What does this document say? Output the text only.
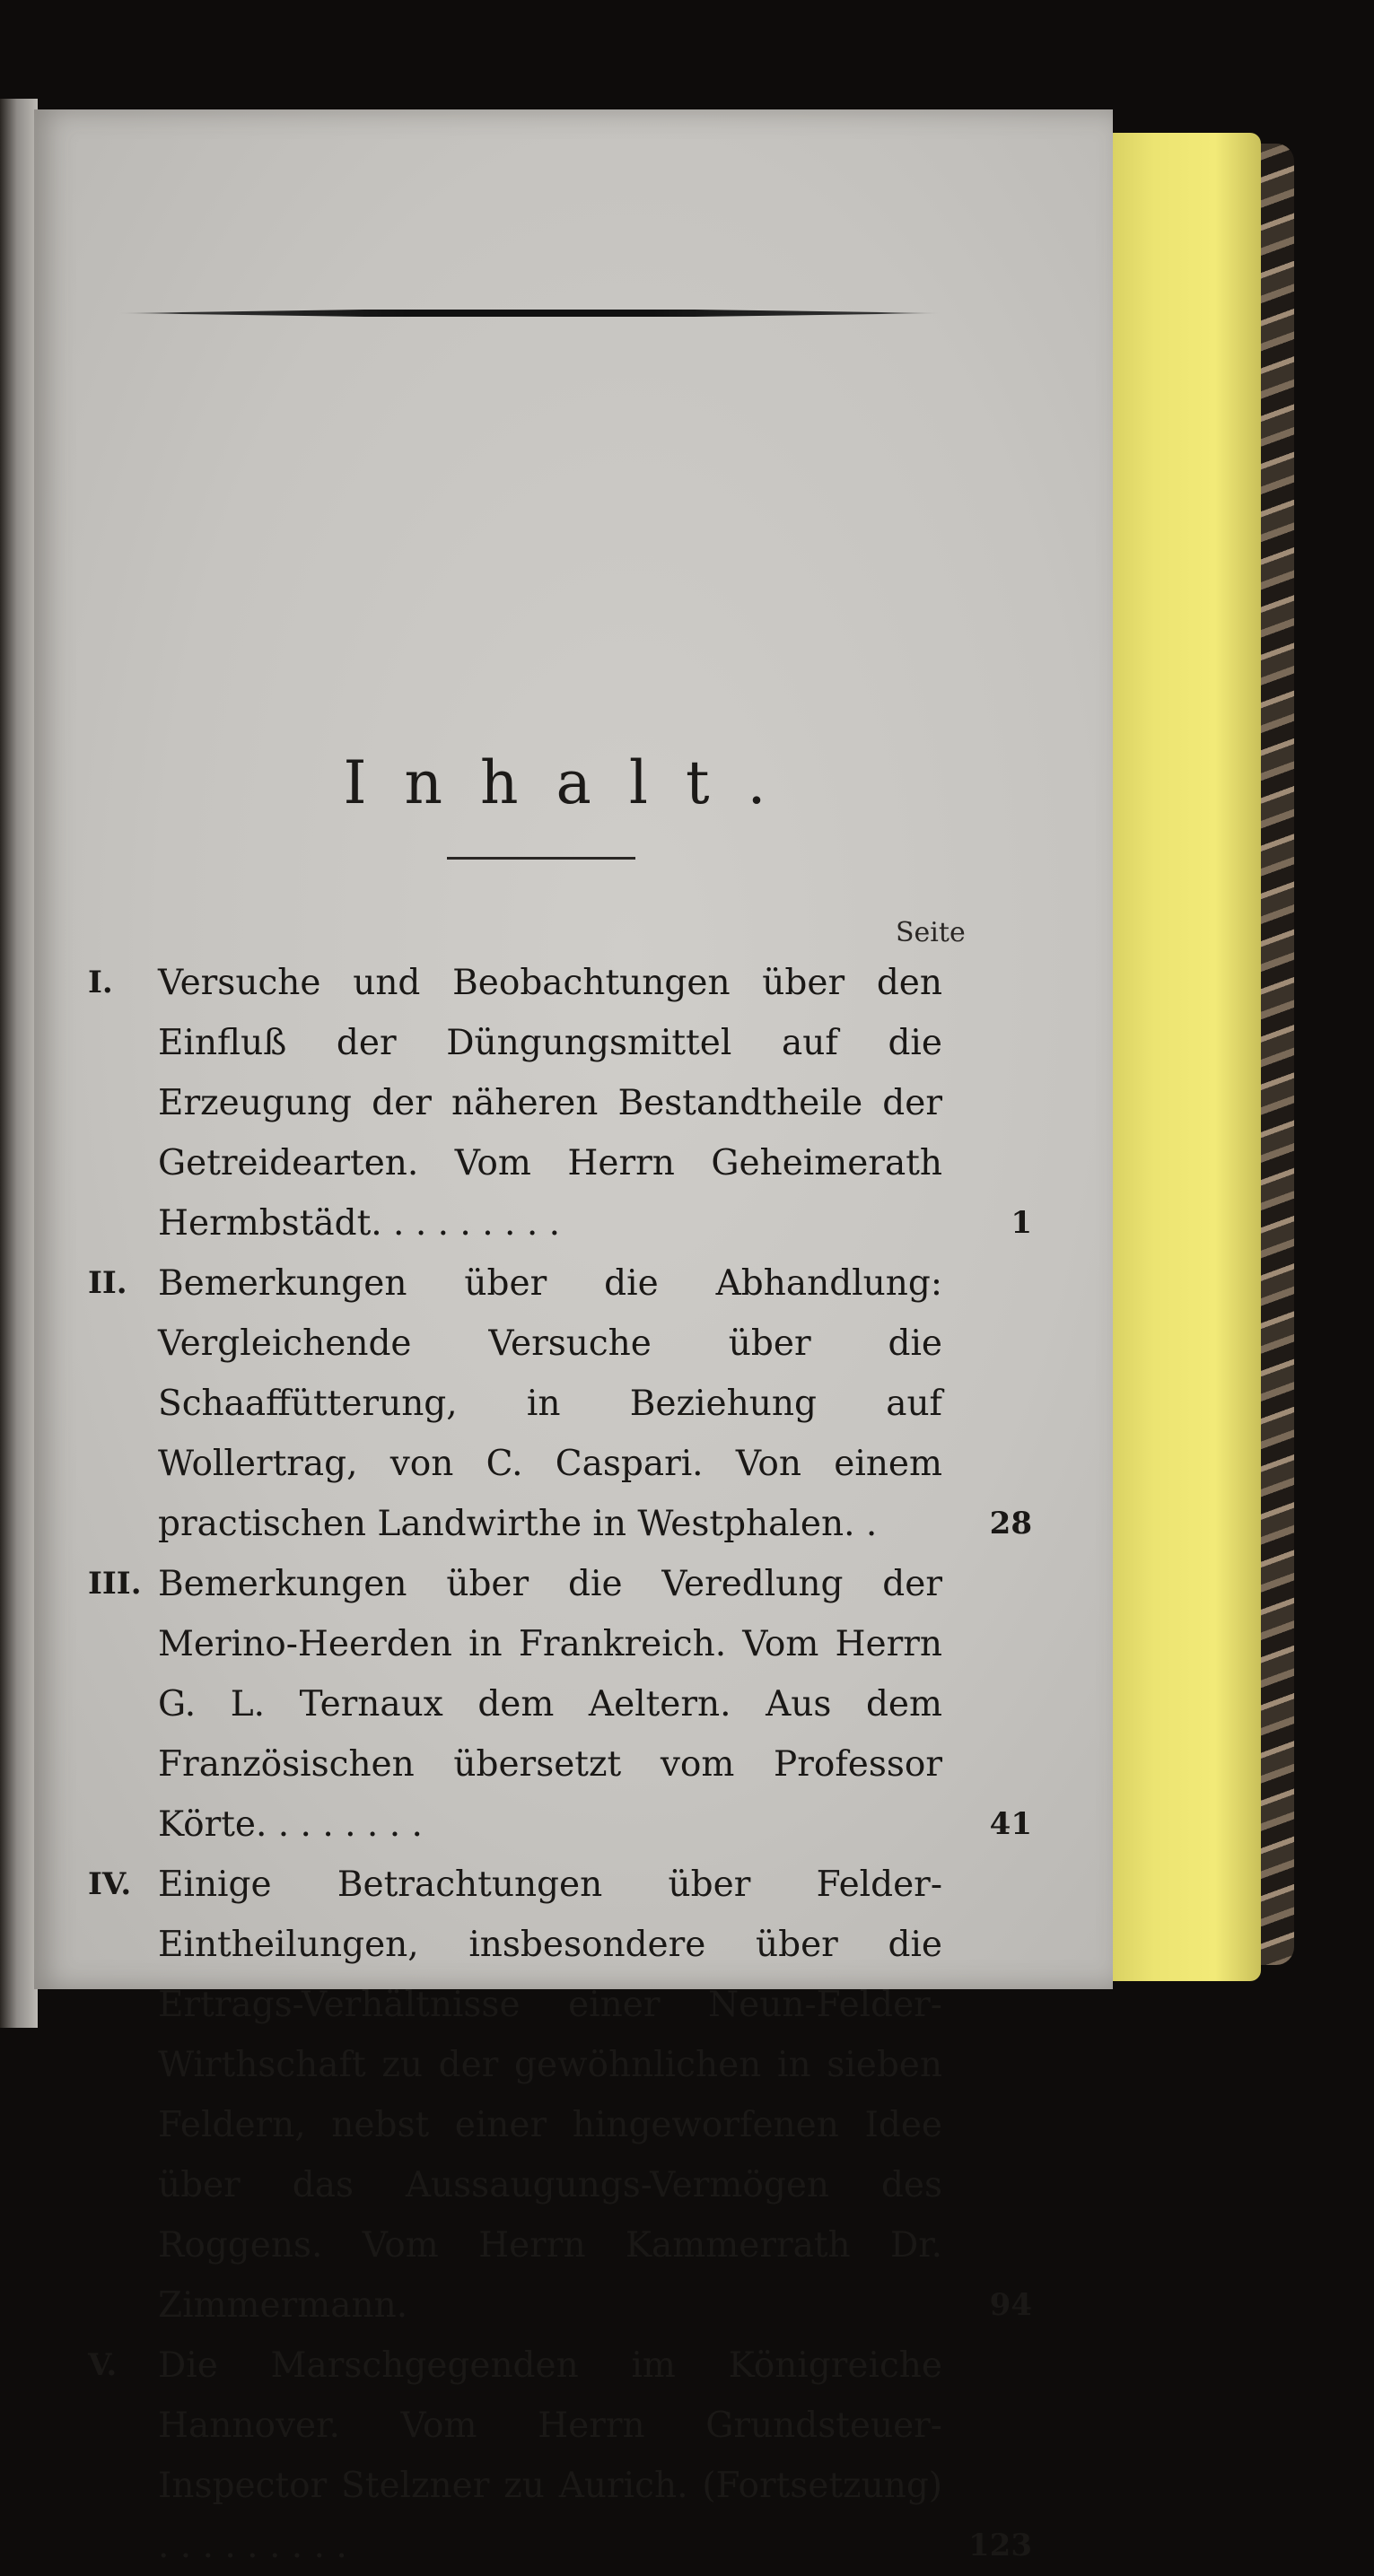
Inhalt.
Seite
I.	Versuche und Beobachtungen über den Einfluß der Düngungsmittel auf die Erzeugung der näheren Bestandtheile der Getreidearten. Vom Herrn Geheimerath Hermbstädt. . . . . . . . .	1
II. Bemerkungen über die Abhandlung: Vergleichende Versuche über die Schaaffütterung, in Beziehung auf Wollertrag, von C. Caspari. Von einem practischen Landwirthe in Westphalen. .	28
III. Bemerkungen über die Veredlung der Merino-Heerden in Frankreich. Vom Herrn G. L. Ternaux dem Aeltern. Aus dem Französischen übersetzt vom Professor Körte. . . . . . . .	41
IV. Einige Betrachtungen über Felder-Eintheilungen, insbesondere über die Ertrags-Verhältnisse einer Neun-Felder-Wirthschaft zu der gewöhnlichen in sieben Feldern, nebst einer hingeworfenen Idee über das Aussaugungs-Vermögen des Roggens. Vom Herrn Kammerrath Dr. Zimmermann.	94
V.	Die Marschgegenden im Königreiche Hannover. Vom Herrn Grundsteuer-Inspector Stelzner zu Aurich. (Fortsetzung) . . . . . . . . .	123
